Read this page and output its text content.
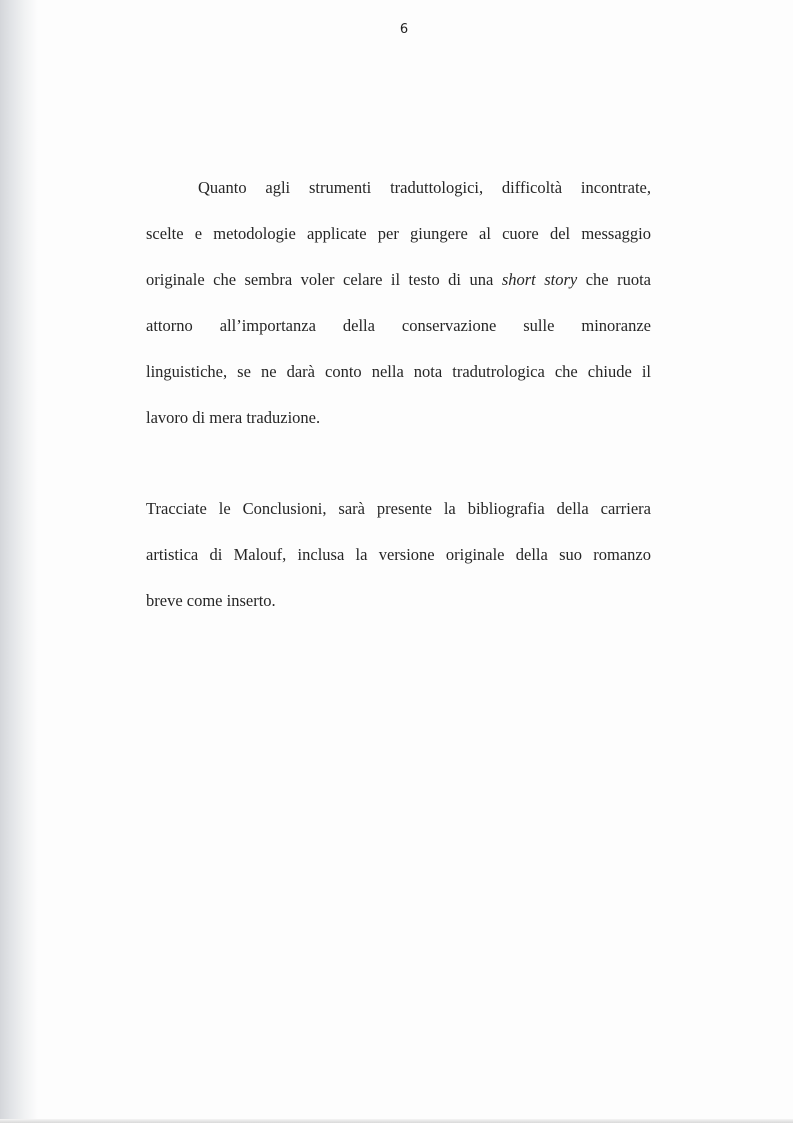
6

Quanto agli strumenti traduttologici, difficoltà incontrate,

scelte e metodologie applicate per giungere al cuore del messaggio

originale che sembra voler celare il testo di una short story che ruota

attorno all’importanza della conservazione sulle minoranze

linguistiche, se ne darà conto nella nota tradutrologica che chiude il

lavoro di mera traduzione.

Tracciate le Conclusioni, sarà presente la bibliografia della carriera

artistica di Malouf, inclusa la versione originale della suo romanzo

breve come inserto.
